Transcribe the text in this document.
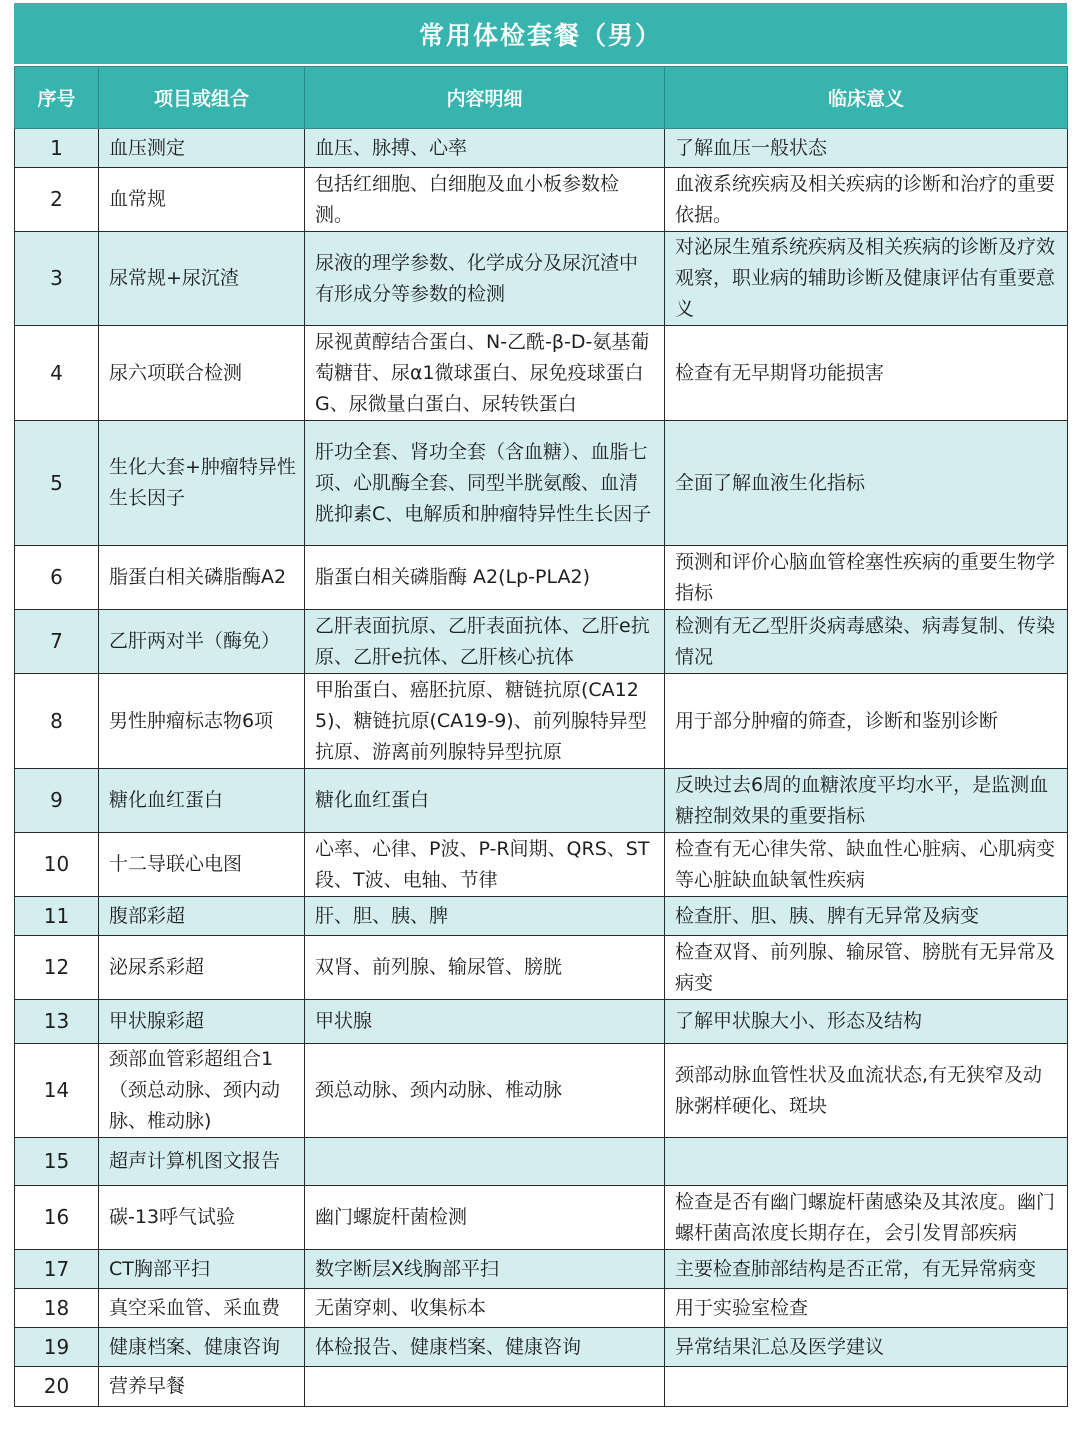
常用体检套餐（男）
序号	项目或组合	内容明细	临床意义
1	血压测定	血压、脉搏、心率	了解血压一般状态
2	血常规	包括红细胞、白细胞及血小板参数检测。	血液系统疾病及相关疾病的诊断和治疗的重要依据。
3	尿常规+尿沉渣	尿液的理学参数、化学成分及尿沉渣中有形成分等参数的检测	对泌尿生殖系统疾病及相关疾病的诊断及疗效观察，职业病的辅助诊断及健康评估有重要意义
4	尿六项联合检测	尿视黄醇结合蛋白、N-乙酰-β-D-氨基葡萄糖苷、尿α1微球蛋白、尿免疫球蛋白G、尿微量白蛋白、尿转铁蛋白	检查有无早期肾功能损害
5	生化大套+肿瘤特异性生长因子	肝功全套、肾功全套（含血糖）、血脂七项、心肌酶全套、同型半胱氨酸、血清胱抑素C、电解质和肿瘤特异性生长因子	全面了解血液生化指标
6	脂蛋白相关磷脂酶A2	脂蛋白相关磷脂酶 A2(Lp-PLA2)	预测和评价心脑血管栓塞性疾病的重要生物学指标
7	乙肝两对半（酶免）	乙肝表面抗原、乙肝表面抗体、乙肝e抗原、乙肝e抗体、乙肝核心抗体	检测有无乙型肝炎病毒感染、病毒复制、传染情况
8	男性肿瘤标志物6项	甲胎蛋白、癌胚抗原、糖链抗原(CA125)、糖链抗原(CA19-9)、前列腺特异型抗原、游离前列腺特异型抗原	用于部分肿瘤的筛查，诊断和鉴别诊断
9	糖化血红蛋白	糖化血红蛋白	反映过去6周的血糖浓度平均水平，是监测血糖控制效果的重要指标
10	十二导联心电图	心率、心律、P波、P-R间期、QRS、ST段、T波、电轴、节律	检查有无心律失常、缺血性心脏病、心肌病变等心脏缺血缺氧性疾病
11	腹部彩超	肝、胆、胰、脾	检查肝、胆、胰、脾有无异常及病变
12	泌尿系彩超	双肾、前列腺、输尿管、膀胱	检查双肾、前列腺、输尿管、膀胱有无异常及病变
13	甲状腺彩超	甲状腺	了解甲状腺大小、形态及结构
14	颈部血管彩超组合1（颈总动脉、颈内动脉、椎动脉)	颈总动脉、颈内动脉、椎动脉	颈部动脉血管性状及血流状态,有无狭窄及动脉粥样硬化、斑块
15	超声计算机图文报告		
16	碳-13呼气试验	幽门螺旋杆菌检测	检查是否有幽门螺旋杆菌感染及其浓度。幽门螺杆菌高浓度长期存在，会引发胃部疾病
17	CT胸部平扫	数字断层X线胸部平扫	主要检查肺部结构是否正常，有无异常病变
18	真空采血管、采血费	无菌穿刺、收集标本	用于实验室检查
19	健康档案、健康咨询	体检报告、健康档案、健康咨询	异常结果汇总及医学建议
20	营养早餐		
